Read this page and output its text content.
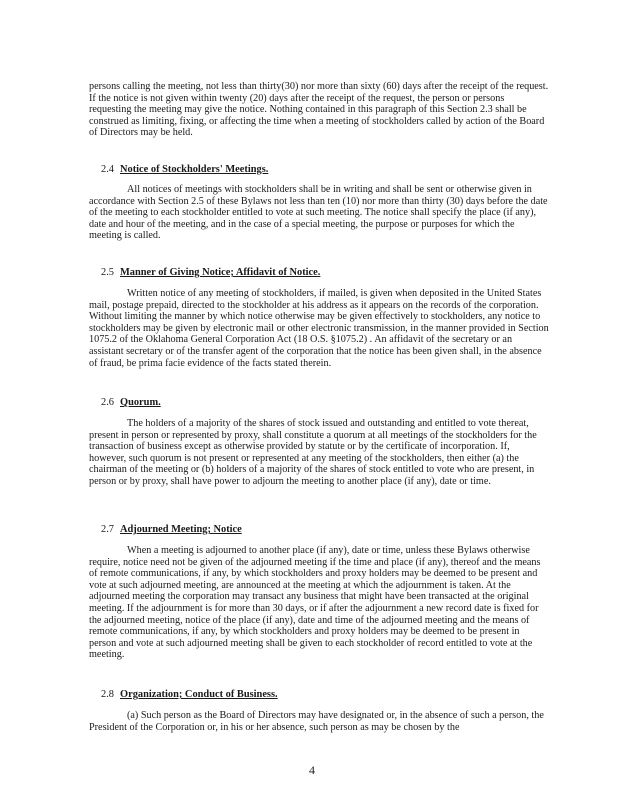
persons calling the meeting, not less than thirty(30) nor more than sixty (60) days after the receipt of the request. If the notice is not given within twenty (20) days after the receipt of the request, the person or persons requesting the meeting may give the notice. Nothing contained in this paragraph of this Section 2.3 shall be construed as limiting, fixing, or affecting the time when a meeting of stockholders called by action of the Board of Directors may be held.

2.4 Notice of Stockholders' Meetings.

All notices of meetings with stockholders shall be in writing and shall be sent or otherwise given in accordance with Section 2.5 of these Bylaws not less than ten (10) nor more than thirty (30) days before the date of the meeting to each stockholder entitled to vote at such meeting. The notice shall specify the place (if any), date and hour of the meeting, and in the case of a special meeting, the purpose or purposes for which the meeting is called.

2.5 Manner of Giving Notice; Affidavit of Notice.

Written notice of any meeting of stockholders, if mailed, is given when deposited in the United States mail, postage prepaid, directed to the stockholder at his address as it appears on the records of the corporation. Without limiting the manner by which notice otherwise may be given effectively to stockholders, any notice to stockholders may be given by electronic mail or other electronic transmission, in the manner provided in Section 1075.2 of the Oklahoma General Corporation Act (18 O.S. §1075.2) . An affidavit of the secretary or an assistant secretary or of the transfer agent of the corporation that the notice has been given shall, in the absence of fraud, be prima facie evidence of the facts stated therein.

2.6 Quorum.

The holders of a majority of the shares of stock issued and outstanding and entitled to vote thereat, present in person or represented by proxy, shall constitute a quorum at all meetings of the stockholders for the transaction of business except as otherwise provided by statute or by the certificate of incorporation. If, however, such quorum is not present or represented at any meeting of the stockholders, then either (a) the chairman of the meeting or (b) holders of a majority of the shares of stock entitled to vote who are present, in person or by proxy, shall have power to adjourn the meeting to another place (if any), date or time.

2.7 Adjourned Meeting; Notice

When a meeting is adjourned to another place (if any), date or time, unless these Bylaws otherwise require, notice need not be given of the adjourned meeting if the time and place (if any), thereof and the means of remote communications, if any, by which stockholders and proxy holders may be deemed to be present and vote at such adjourned meeting, are announced at the meeting at which the adjournment is taken. At the adjourned meeting the corporation may transact any business that might have been transacted at the original meeting. If the adjournment is for more than 30 days, or if after the adjournment a new record date is fixed for the adjourned meeting, notice of the place (if any), date and time of the adjourned meeting and the means of remote communications, if any, by which stockholders and proxy holders may be deemed to be present in person and vote at such adjourned meeting shall be given to each stockholder of record entitled to vote at the meeting.

2.8 Organization; Conduct of Business.

(a) Such person as the Board of Directors may have designated or, in the absence of such a person, the President of the Corporation or, in his or her absence, such person as may be chosen by the

4
